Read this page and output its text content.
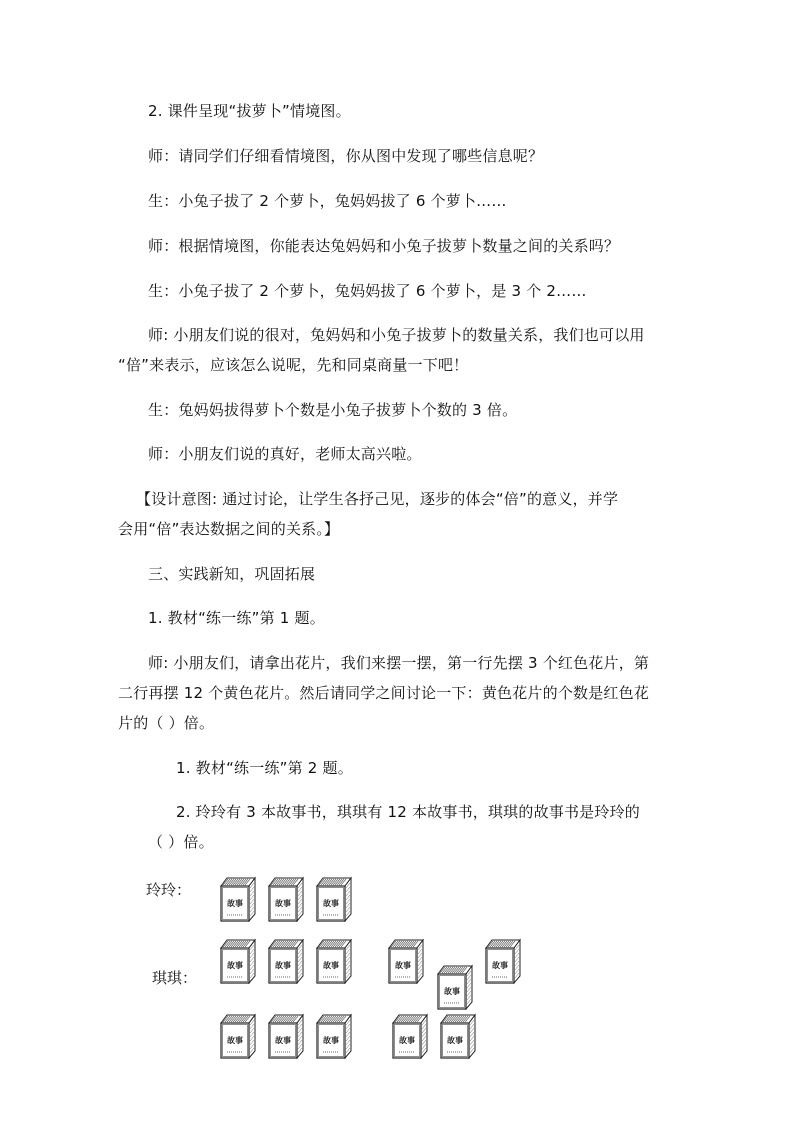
2. 课件呈现“拔萝卜”情境图。
师：请同学们仔细看情境图，你从图中发现了哪些信息呢？
生：小兔子拔了 2 个萝卜，兔妈妈拔了 6 个萝卜……
师：根据情境图，你能表达兔妈妈和小兔子拔萝卜数量之间的关系吗？
生：小兔子拔了 2 个萝卜，兔妈妈拔了 6 个萝卜，是 3 个 2……
师: 小朋友们说的很对，兔妈妈和小兔子拔萝卜的数量关系，我们也可以用
“倍”来表示，应该怎么说呢，先和同桌商量一下吧！
生：兔妈妈拔得萝卜个数是小兔子拔萝卜个数的 3 倍。
师：小朋友们说的真好，老师太高兴啦。
【设计意图: 通过讨论，让学生各抒己见，逐步的体会“倍”的意义，并学
会用“倍”表达数据之间的关系。】
三、实践新知，巩固拓展
1. 教材“练一练”第 1 题。
师: 小朋友们，请拿出花片，我们来摆一摆，第一行先摆 3 个红色花片，第
二行再摆 12 个黄色花片。然后请同学之间讨论一下：黄色花片的个数是红色花
片的（ ）倍。
1. 教材“练一练”第 2 题。
2. 玲玲有 3 本故事书，琪琪有 12 本故事书，琪琪的故事书是玲玲的
（ ）倍。
玲玲：
琪琪：
故事	故事	故事
故事	故事	故事	故事
故事
故事
故事	故事	故事	故事	故事
